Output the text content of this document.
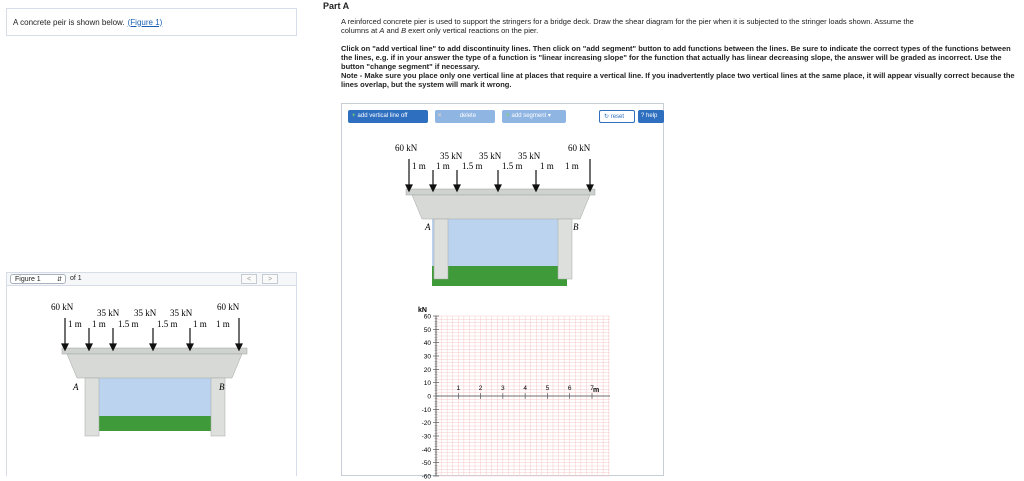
A concrete peir is shown below. (Figure 1)
Figure 1	⇵ of 1	<	>
A	B
60 kN
35 kN 35 kN 35 kN
60 kN
1 m 1 m 1.5 m 1.5 m 1 m 1 m
Part A
A reinforced concrete pier is used to support the stringers for a bridge deck. Draw the shear diagram for the pier when it is subjected to the stringer loads shown. Assume the
columns at A and B exert only vertical reactions on the pier.
Click on "add vertical line" to add discontinuity lines. Then click on "add segment" button to add functions between the lines. Be sure to indicate the correct types of the functions between the lines, e.g. if in your answer the type of a function is "linear increasing slope" for the function that actually has linear decreasing slope, the answer will be graded as incorrect. Use the button "change segment" if necessary.
Note - Make sure you place only one vertical line at places that require a vertical line. If you inadvertently place two vertical lines at the same place, it will appear visually correct because the lines overlap, but the system will mark it wrong.
+ add vertical line off	✕	delete	+ add segment ▾	↻ reset	? help
A	B
60 kN
35 kN 35 kN 35 kN
60 kN
1 m 1 m 1.5 m 1.5 m 1 m 1 m
60
50
40
30
20
10
0
-10
-20
-30
-40
-50
-60
1	2	3	4	5	6	7
kN
m
